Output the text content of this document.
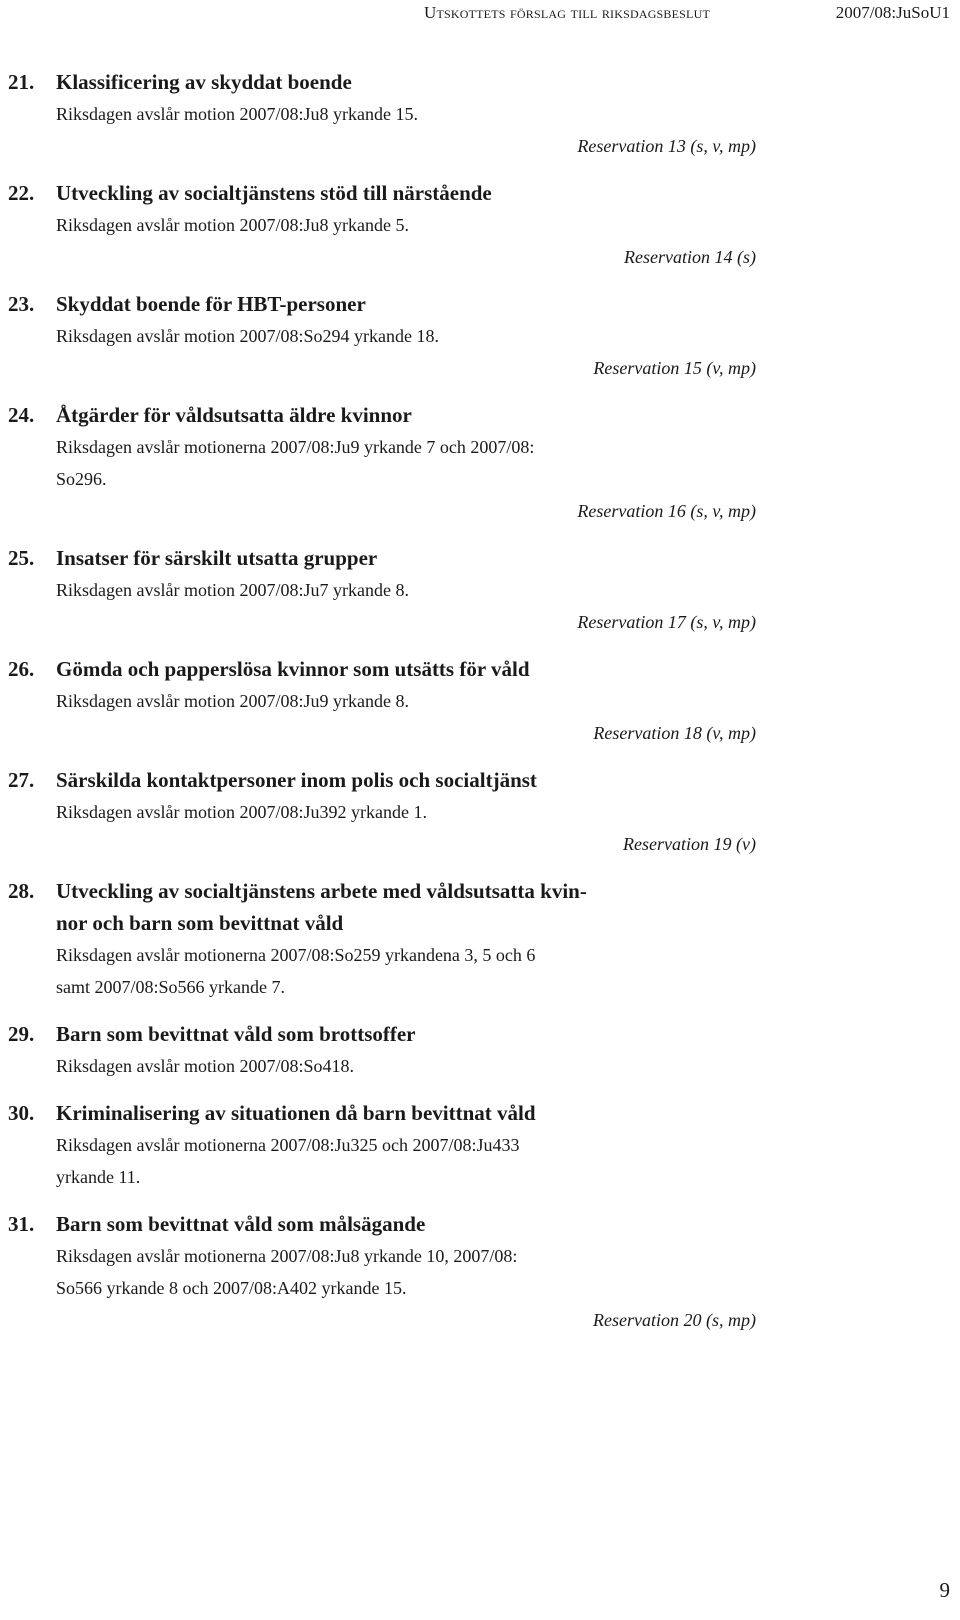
Utskottets förslag till riksdagsbeslut	2007/08:JuSoU1
21.	Klassificering av skyddat boende
Riksdagen avslår motion 2007/08:Ju8 yrkande 15.
Reservation 13 (s, v, mp)
22.	Utveckling av socialtjänstens stöd till närstående
Riksdagen avslår motion 2007/08:Ju8 yrkande 5.
Reservation 14 (s)
23.	Skyddat boende för HBT-personer
Riksdagen avslår motion 2007/08:So294 yrkande 18.
Reservation 15 (v, mp)
24.	Åtgärder för våldsutsatta äldre kvinnor
Riksdagen avslår motionerna 2007/08:Ju9 yrkande 7 och 2007/08:
So296.
Reservation 16 (s, v, mp)
25.	Insatser för särskilt utsatta grupper
Riksdagen avslår motion 2007/08:Ju7 yrkande 8.
Reservation 17 (s, v, mp)
26.	Gömda och papperslösa kvinnor som utsätts för våld
Riksdagen avslår motion 2007/08:Ju9 yrkande 8.
Reservation 18 (v, mp)
27.	Särskilda kontaktpersoner inom polis och socialtjänst
Riksdagen avslår motion 2007/08:Ju392 yrkande 1.
Reservation 19 (v)
28.	Utveckling av socialtjänstens arbete med våldsutsatta kvin-
nor och barn som bevittnat våld
Riksdagen avslår motionerna 2007/08:So259 yrkandena 3, 5 och 6
samt 2007/08:So566 yrkande 7.
29.	Barn som bevittnat våld som brottsoffer
Riksdagen avslår motion 2007/08:So418.
30.	Kriminalisering av situationen då barn bevittnat våld
Riksdagen avslår motionerna 2007/08:Ju325 och 2007/08:Ju433
yrkande 11.
31.	Barn som bevittnat våld som målsägande
Riksdagen avslår motionerna 2007/08:Ju8 yrkande 10, 2007/08:
So566 yrkande 8 och 2007/08:A402 yrkande 15.
Reservation 20 (s, mp)
9
